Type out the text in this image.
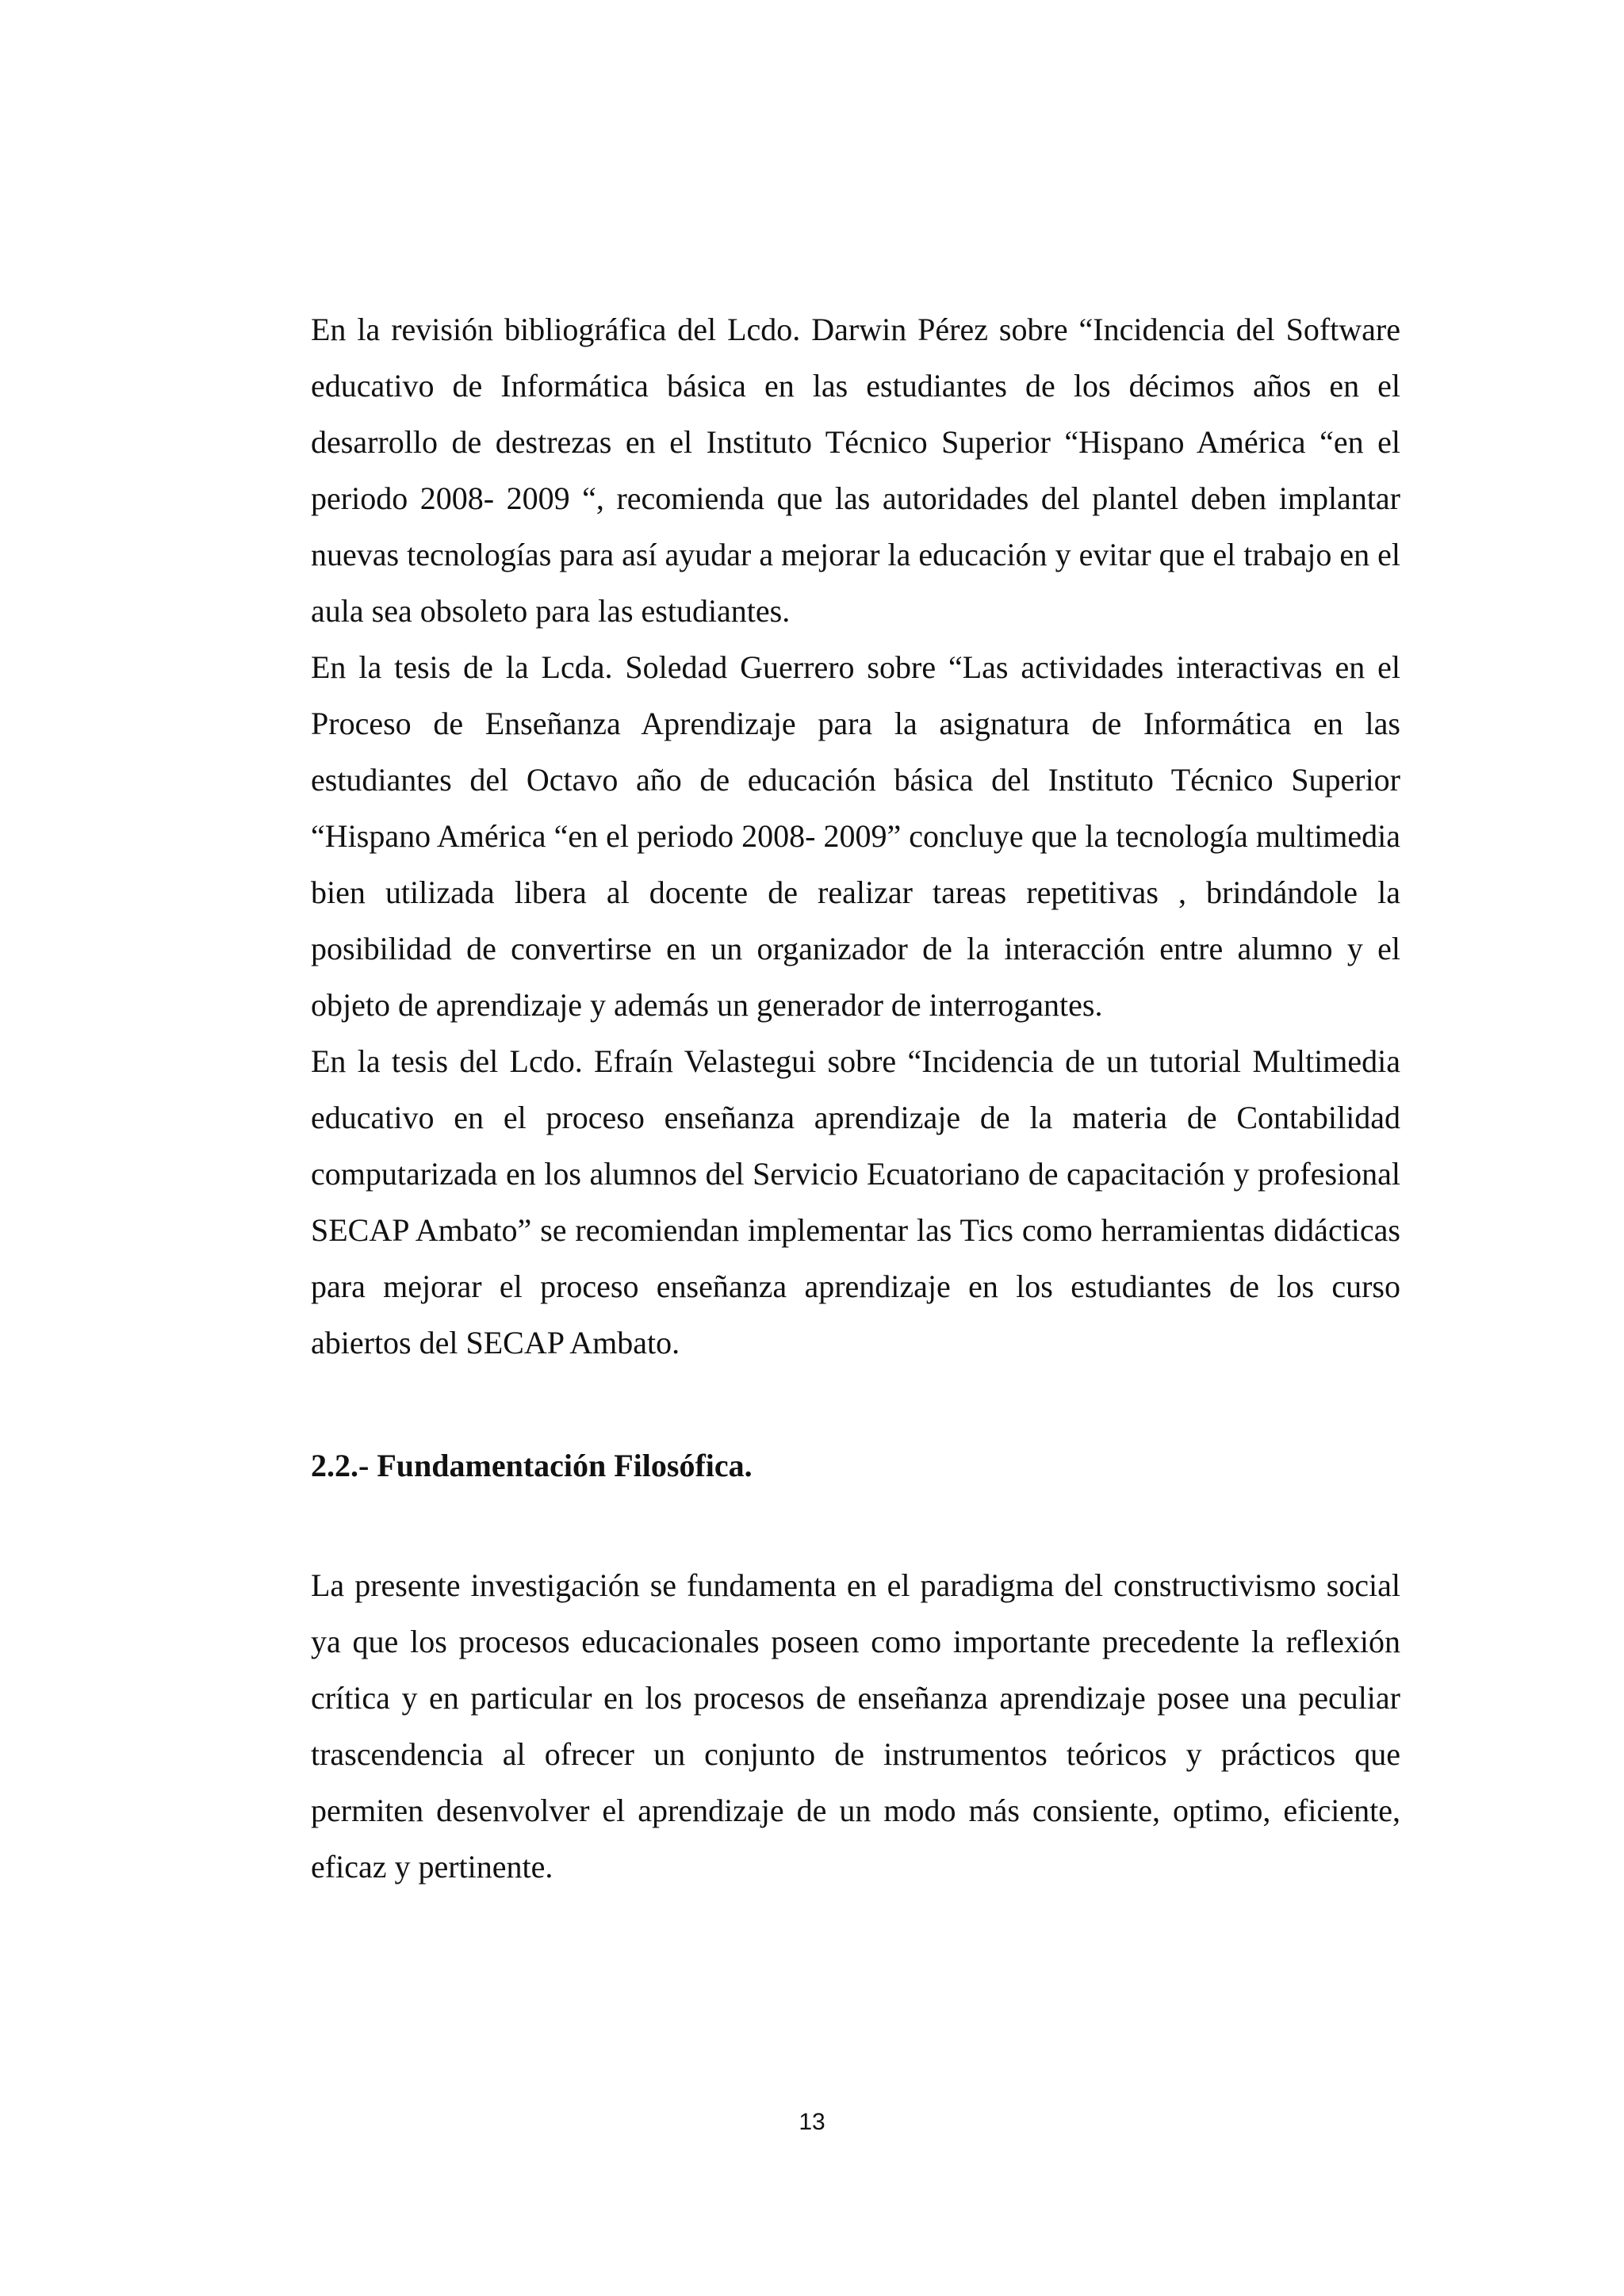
En la revisión bibliográfica del Lcdo. Darwin Pérez sobre “Incidencia del Software educativo de Informática básica en las estudiantes de los décimos años en el desarrollo de destrezas en el Instituto Técnico Superior “Hispano América “en el periodo 2008- 2009 “, recomienda que las autoridades del plantel deben implantar nuevas tecnologías para así ayudar a mejorar la educación y evitar que el trabajo en el aula sea obsoleto para las estudiantes.

En la tesis de la Lcda. Soledad Guerrero sobre “Las actividades interactivas en el Proceso de Enseñanza Aprendizaje para la asignatura de Informática en las estudiantes del Octavo año de educación básica del Instituto Técnico Superior “Hispano América “en el periodo 2008- 2009” concluye que la tecnología multimedia bien utilizada libera al docente de realizar tareas repetitivas , brindándole la posibilidad de convertirse en un organizador de la interacción entre alumno y el objeto de aprendizaje y además un generador de interrogantes.

En la tesis del Lcdo. Efraín Velastegui sobre “Incidencia de un tutorial Multimedia educativo en el proceso enseñanza aprendizaje de la materia de Contabilidad computarizada en los alumnos del Servicio Ecuatoriano de capacitación y profesional SECAP Ambato” se recomiendan implementar las Tics como herramientas didácticas para mejorar el proceso enseñanza aprendizaje en los estudiantes de los curso abiertos del SECAP Ambato.

2.2.- Fundamentación Filosófica.

La presente investigación se fundamenta en el paradigma del constructivismo social ya que los procesos educacionales poseen como importante precedente la reflexión crítica y en particular en los procesos de enseñanza aprendizaje posee una peculiar trascendencia al ofrecer un conjunto de instrumentos teóricos y prácticos que permiten desenvolver el aprendizaje de un modo más consiente, optimo, eficiente, eficaz y pertinente.

13
